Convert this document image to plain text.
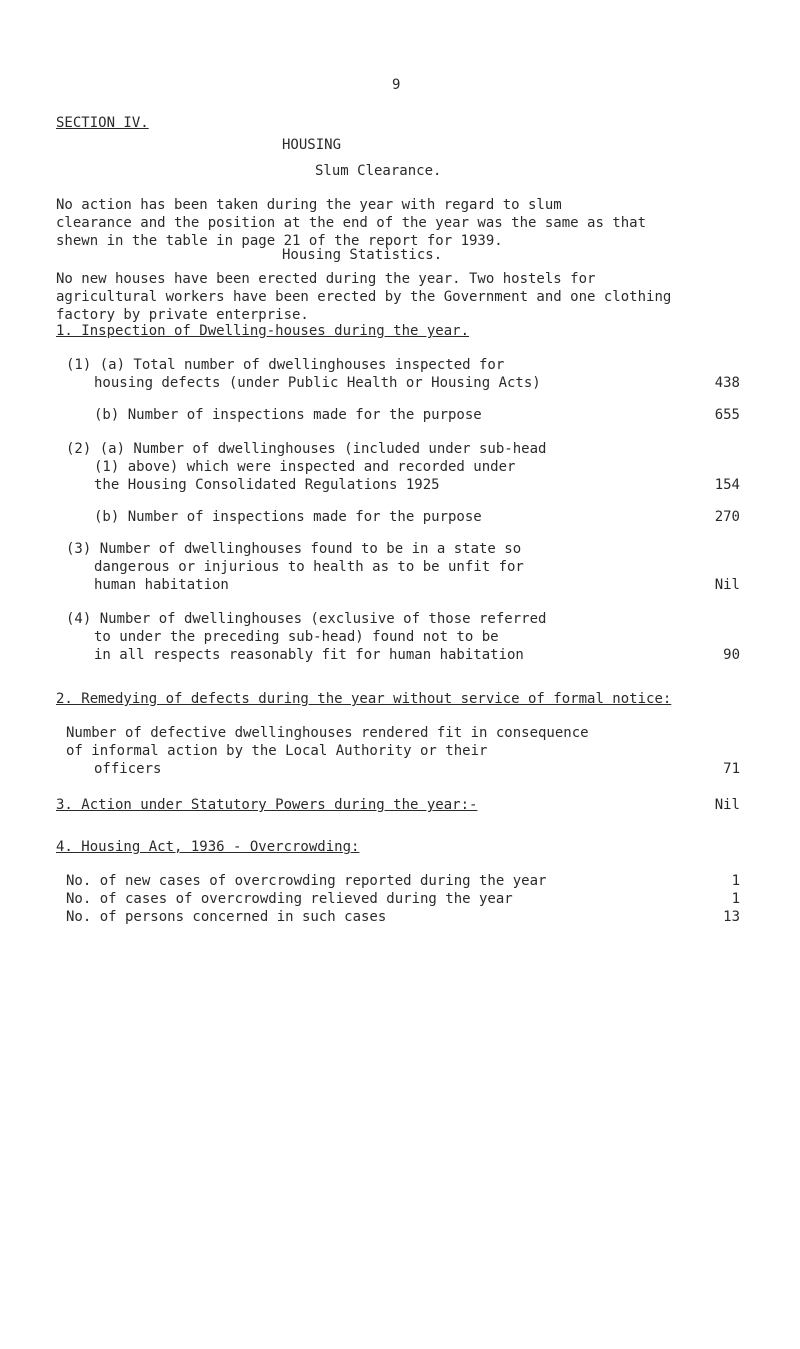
9
SECTION IV.
HOUSING
Slum Clearance.
No action has been taken during the year with regard to slum
clearance and the position at the end of the year was the same as that
shewn in the table in page 21 of the report for 1939.
Housing Statistics.
No new houses have been erected during the year. Two hostels for
agricultural workers have been erected by the Government and one clothing
factory by private enterprise.
1. Inspection of Dwelling-houses during the year.
(1) (a) Total number of dwellinghouses inspected for
housing defects (under Public Health or Housing Acts)	438
(b) Number of inspections made for the purpose	655
(2) (a) Number of dwellinghouses (included under sub-head
(1) above) which were inspected and recorded under
the Housing Consolidated Regulations 1925	154
(b) Number of inspections made for the purpose	270
(3) Number of dwellinghouses found to be in a state so
dangerous or injurious to health as to be unfit for
human habitation	Nil
(4) Number of dwellinghouses (exclusive of those referred
to under the preceding sub-head) found not to be
in all respects reasonably fit for human habitation	90
2. Remedying of defects during the year without service of formal notice:
Number of defective dwellinghouses rendered fit in consequence
of informal action by the Local Authority or their
officers	71
3. Action under Statutory Powers during the year:-	Nil
4. Housing Act, 1936 - Overcrowding:
No. of new cases of overcrowding reported during the year	1
No. of cases of overcrowding relieved during the year	1
No. of persons concerned in such cases	13
